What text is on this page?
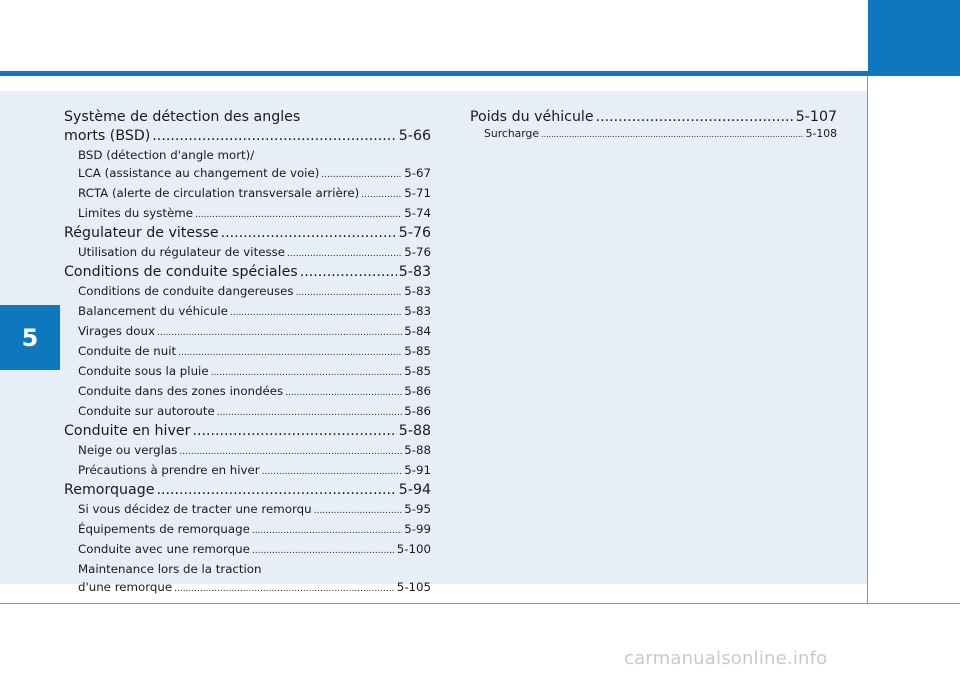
5
Système de détection des angles
morts (BSD) .....	5-66
BSD (détection d'angle mort)/
LCA (assistance au changement de voie) .....	5-67
RCTA (alerte de circulation transversale arrière) .....	5-71
Limites du système .....	5-74
Régulateur de vitesse .....	5-76
Utilisation du régulateur de vitesse .....	5-76
Conditions de conduite spéciales .....	5-83
Conditions de conduite dangereuses .....	5-83
Balancement du véhicule .....	5-83
Virages doux .....	5-84
Conduite de nuit .....	5-85
Conduite sous la pluie .....	5-85
Conduite dans des zones inondées .....	5-86
Conduite sur autoroute .....	5-86
Conduite en hiver .....	5-88
Neige ou verglas .....	5-88
Précautions à prendre en hiver .....	5-91
Remorquage .....	5-94
Si vous décidez de tracter une remorqu .....	5-95
Équipements de remorquage .....	5-99
Conduite avec une remorque .....	5-100
Maintenance lors de la traction
d'une remorque .....	5-105
Poids du véhicule .....	5-107
Surcharge .....	5-108
carmanualsonline.info
